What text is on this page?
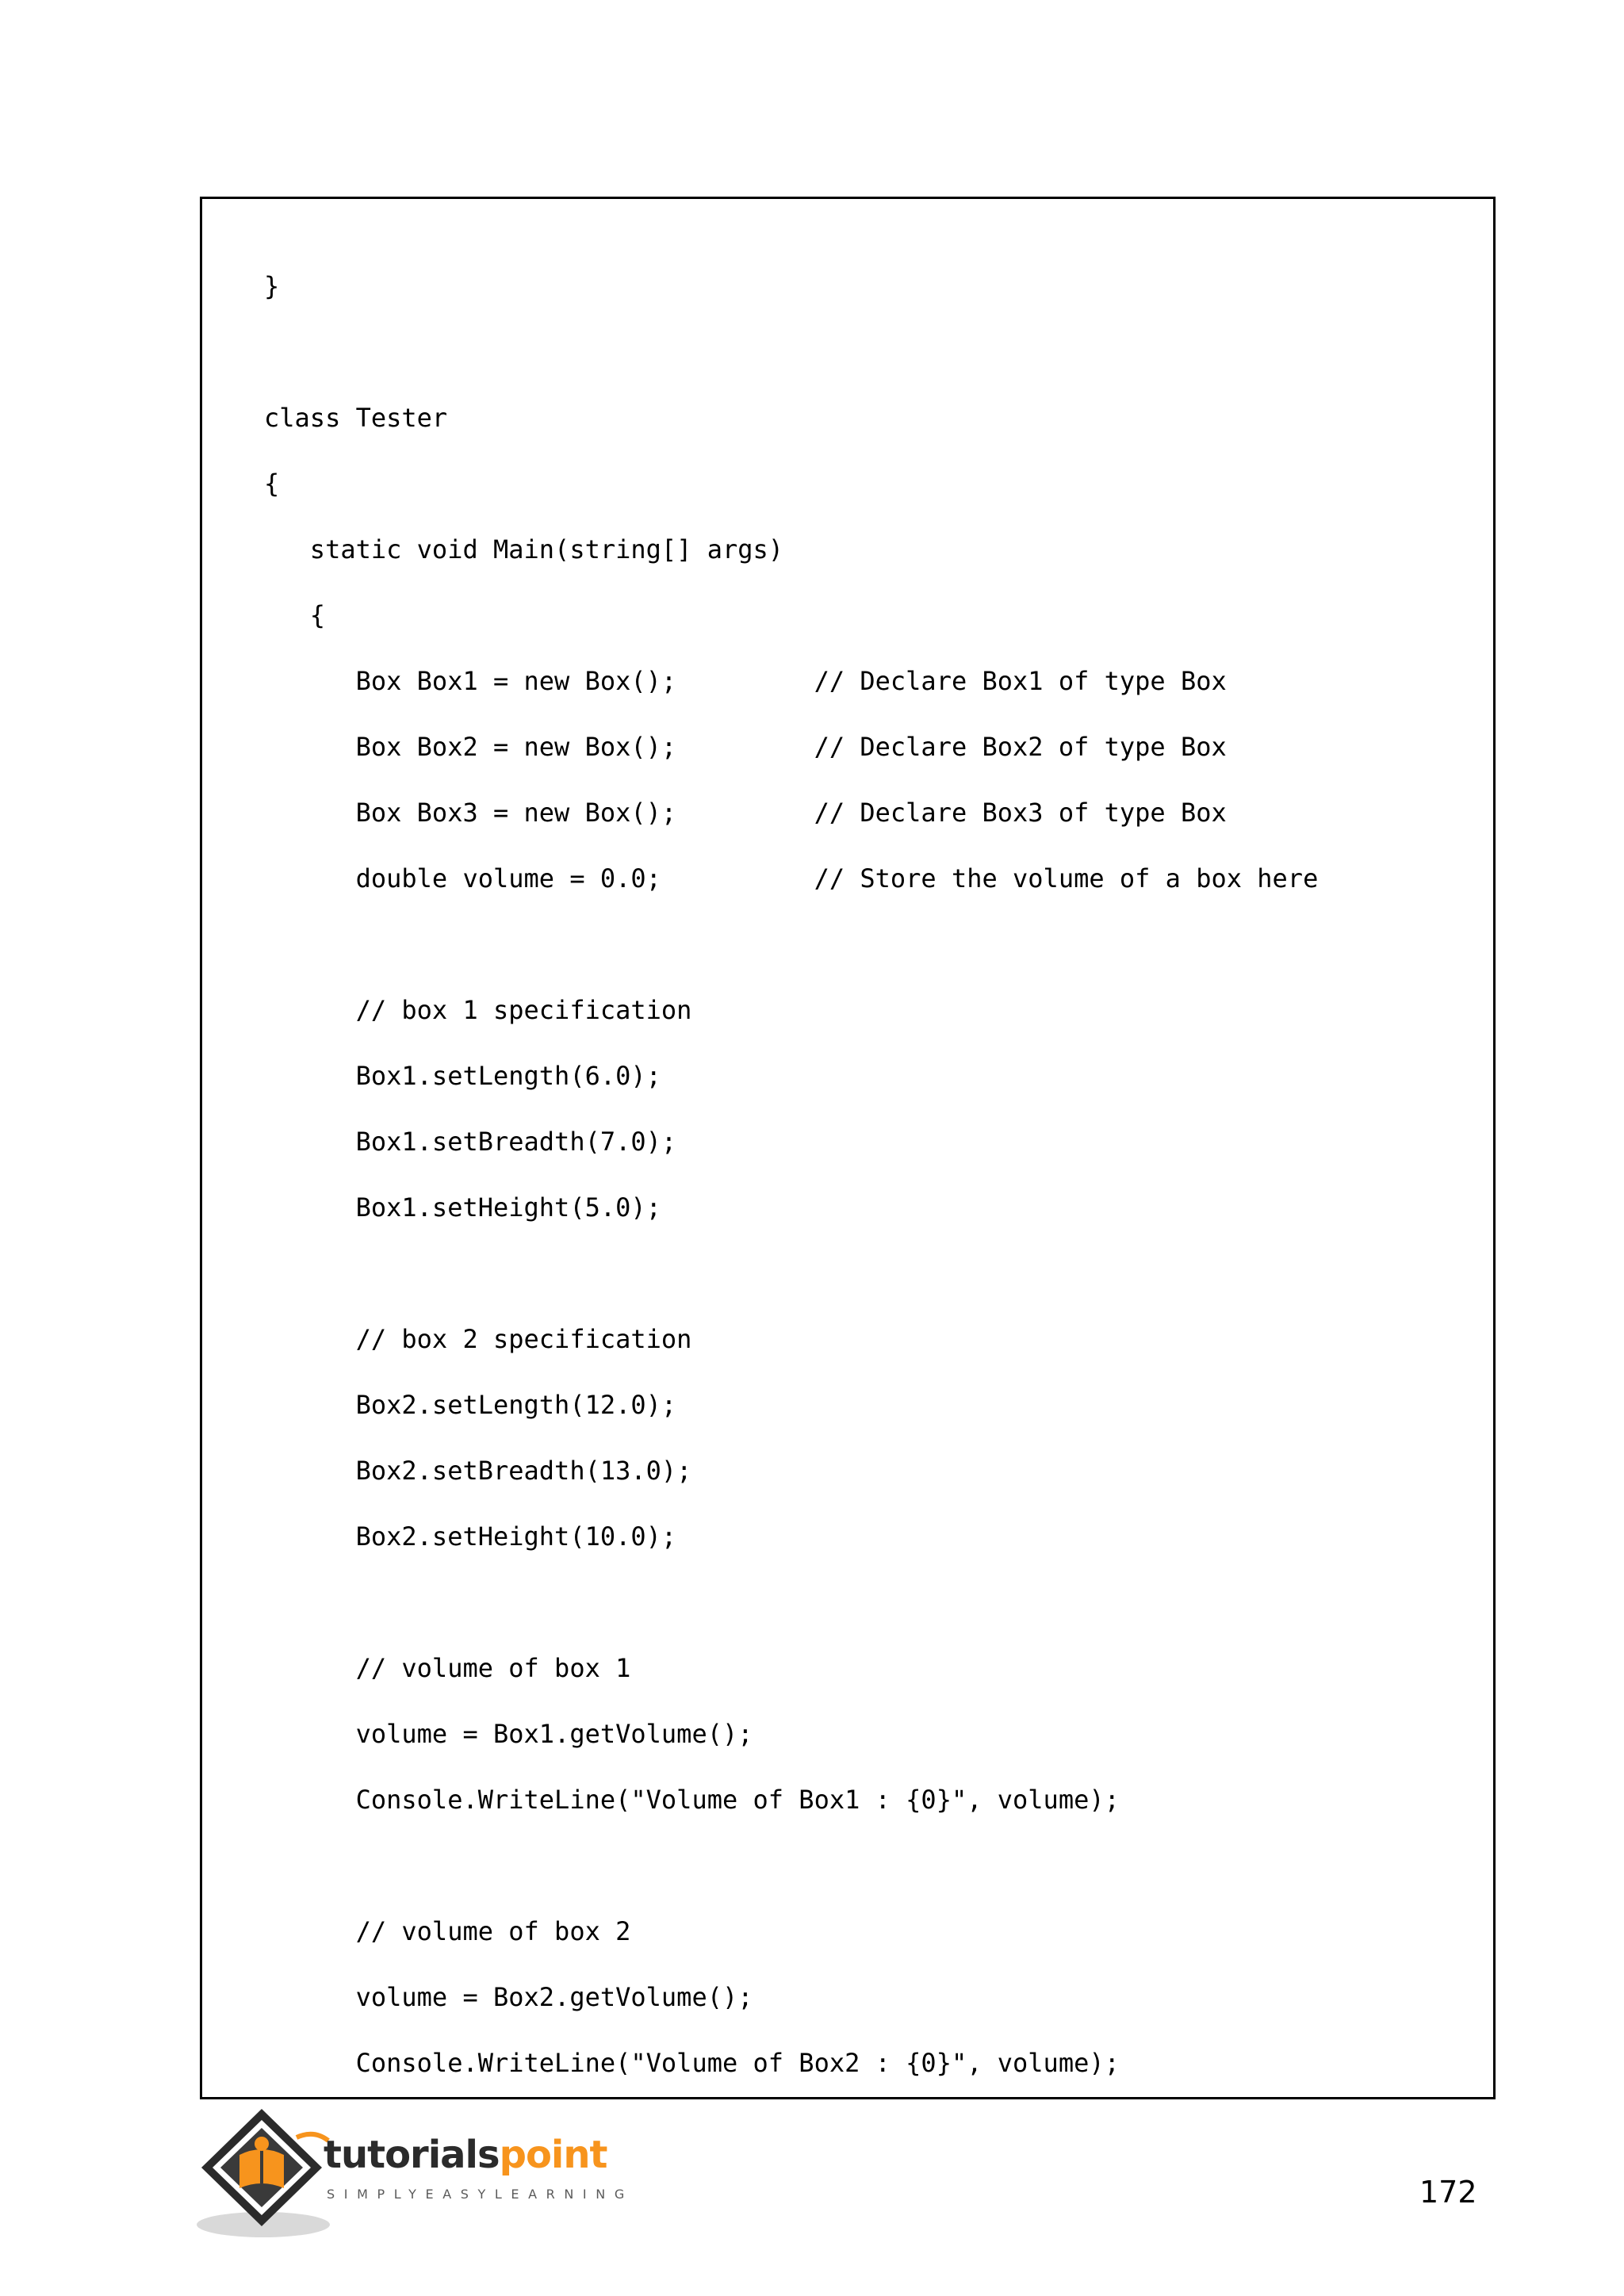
}
class Tester
{
static void Main(string[] args)
{
Box Box1 = new Box();         // Declare Box1 of type Box
Box Box2 = new Box();         // Declare Box2 of type Box
Box Box3 = new Box();         // Declare Box3 of type Box
double volume = 0.0;          // Store the volume of a box here
// box 1 specification
Box1.setLength(6.0);
Box1.setBreadth(7.0);
Box1.setHeight(5.0);
// box 2 specification
Box2.setLength(12.0);
Box2.setBreadth(13.0);
Box2.setHeight(10.0);
// volume of box 1
volume = Box1.getVolume();
Console.WriteLine("Volume of Box1 : {0}", volume);
// volume of box 2
volume = Box2.getVolume();
Console.WriteLine("Volume of Box2 : {0}", volume);
tutorialspoint
SIMPLYEASYLEARNING	172
